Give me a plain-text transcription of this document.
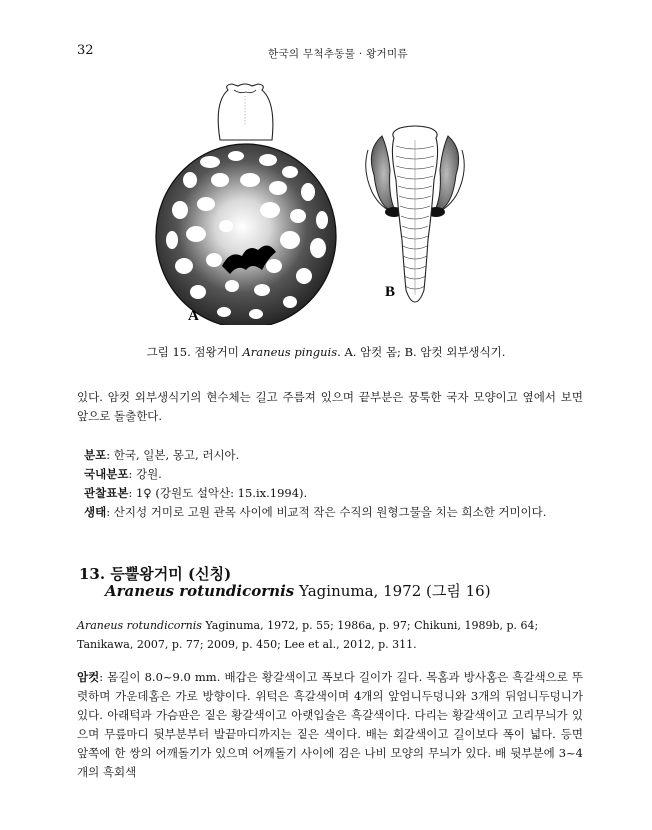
32	한국의 무척추동물 · 왕거미류
A
B
그림 15. 점왕거미 Araneus pinguis. A. 암컷 몸; B. 암컷 외부생식기.
있다. 암컷 외부생식기의 현수체는 길고 주름져 있으며 끝부분은 뭉툭한 국자 모양이고 옆에서 보면 앞으로 돌출한다.
분포: 한국, 일본, 몽고, 러시아.
국내분포: 강원.
관찰표본: 1♀ (강원도 설악산: 15.ix.1994).
생태: 산지성 거미로 고원 관목 사이에 비교적 작은 수직의 원형그물을 치는 희소한 거미이다.
13. 등뿔왕거미 (신칭)
Araneus rotundicornis Yaginuma, 1972 (그림 16)
Araneus rotundicornis Yaginuma, 1972, p. 55; 1986a, p. 97; Chikuni, 1989b, p. 64; Tanikawa, 2007, p. 77; 2009, p. 450; Lee et al., 2012, p. 311.
암컷: 몸길이 8.0~9.0 mm. 배갑은 황갈색이고 폭보다 길이가 길다. 목홈과 방사홈은 흑갈색으로 뚜렷하며 가운데홈은 가로 방향이다. 위턱은 흑갈색이며 4개의 앞엄니두덩니와 3개의 뒤엄니두덩니가 있다. 아래턱과 가슴판은 짙은 황갈색이고 아랫입술은 흑갈색이다. 다리는 황갈색이고 고리무늬가 있으며 무릎마디 뒷부분부터 발끝마디까지는 짙은 색이다. 배는 회갈색이고 길이보다 폭이 넓다. 등면 앞쪽에 한 쌍의 어깨돌기가 있으며 어깨돌기 사이에 검은 나비 모양의 무늬가 있다. 배 뒷부분에 3~4개의 흑회색
